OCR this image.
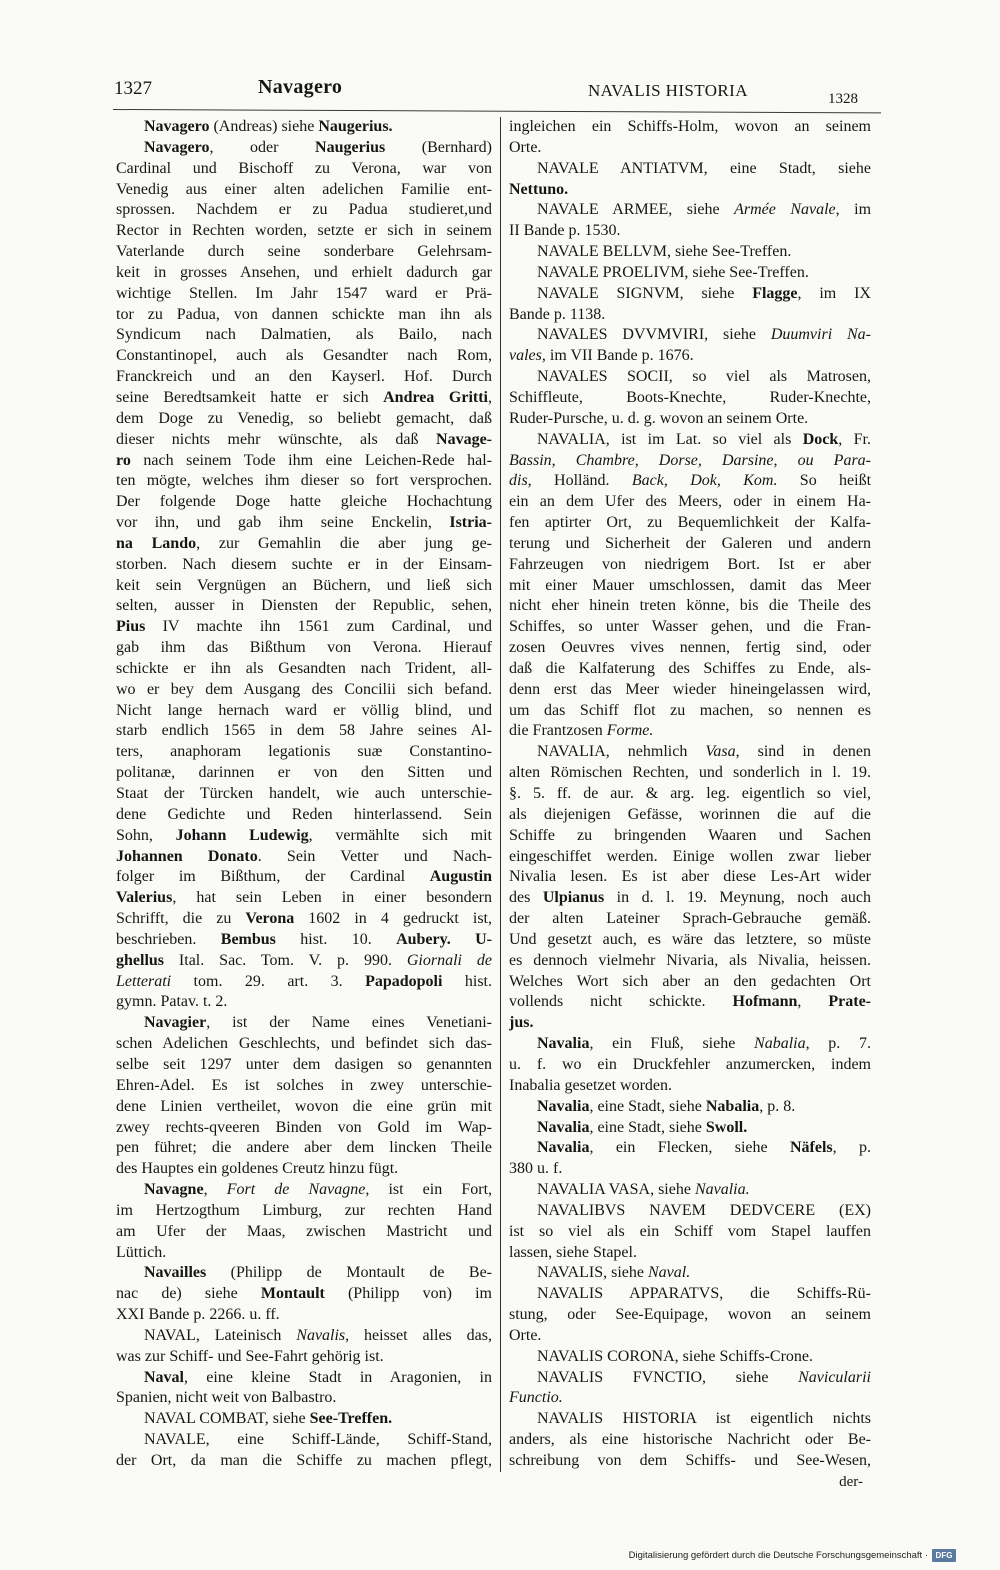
1327	Navagero	NAVALIS HISTORIA	1328
Navagero (Andreas) siehe Naugerius.
Navagero, oder Naugerius (Bernhard)
Cardinal und Bischoff zu Verona, war von
Venedig aus einer alten adelichen Familie ent-
sprossen. Nachdem er zu Padua studieret,und
Rector in Rechten worden, setzte er sich in seinem
Vaterlande durch seine sonderbare Gelehrsam-
keit in grosses Ansehen, und erhielt dadurch gar
wichtige Stellen. Im Jahr 1547 ward er Prä-
tor zu Padua, von dannen schickte man ihn als
Syndicum nach Dalmatien, als Bailo, nach
Constantinopel, auch als Gesandter nach Rom,
Franckreich und an den Kayserl. Hof. Durch
seine Beredtsamkeit hatte er sich Andrea Gritti,
dem Doge zu Venedig, so beliebt gemacht, daß
dieser nichts mehr wünschte, als daß Navage-
ro nach seinem Tode ihm eine Leichen-Rede hal-
ten mögte, welches ihm dieser so fort versprochen.
Der folgende Doge hatte gleiche Hochachtung
vor ihn, und gab ihm seine Enckelin, Istria-
na Lando, zur Gemahlin die aber jung ge-
storben. Nach diesem suchte er in der Einsam-
keit sein Vergnügen an Büchern, und ließ sich
selten, ausser in Diensten der Republic, sehen,
Pius IV machte ihn 1561 zum Cardinal, und
gab ihm das Bißthum von Verona. Hierauf
schickte er ihn als Gesandten nach Trident, all-
wo er bey dem Ausgang des Concilii sich befand.
Nicht lange hernach ward er völlig blind, und
starb endlich 1565 in dem 58 Jahre seines Al-
ters, anaphoram legationis suæ Constantino-
politanæ, darinnen er von den Sitten und
Staat der Türcken handelt, wie auch unterschie-
dene Gedichte und Reden hinterlassend. Sein
Sohn, Johann Ludewig, vermählte sich mit
Johannen Donato. Sein Vetter und Nach-
folger im Bißthum, der Cardinal Augustin
Valerius, hat sein Leben in einer besondern
Schrifft, die zu Verona 1602 in 4 gedruckt ist,
beschrieben. Bembus hist. 10. Aubery. U-
ghellus Ital. Sac. Tom. V. p. 990. Giornali de
Letterati tom. 29. art. 3. Papadopoli hist.
gymn. Patav. t. 2.
Navagier, ist der Name eines Venetiani-
schen Adelichen Geschlechts, und befindet sich das-
selbe seit 1297 unter dem dasigen so genannten
Ehren-Adel. Es ist solches in zwey unterschie-
dene Linien vertheilet, wovon die eine grün mit
zwey rechts-qveeren Binden von Gold im Wap-
pen führet; die andere aber dem lincken Theile
des Hauptes ein goldenes Creutz hinzu fügt.
Navagne, Fort de Navagne, ist ein Fort,
im Hertzogthum Limburg, zur rechten Hand
am Ufer der Maas, zwischen Mastricht und
Lüttich.
Navailles (Philipp de Montault de Be-
nac de) siehe Montault (Philipp von) im
XXI Bande p. 2266. u. ff.
NAVAL, Lateinisch Navalis, heisset alles das,
was zur Schiff- und See-Fahrt gehörig ist.
Naval, eine kleine Stadt in Aragonien, in
Spanien, nicht weit von Balbastro.
NAVAL COMBAT, siehe See-Treffen.
NAVALE, eine Schiff-Lände, Schiff-Stand,
der Ort, da man die Schiffe zu machen pflegt,
ingleichen ein Schiffs-Holm, wovon an seinem
Orte.
NAVALE ANTIATVM, eine Stadt, siehe
Nettuno.
NAVALE ARMEE, siehe Armée Navale, im
II Bande p. 1530.
NAVALE BELLVM, siehe See-Treffen.
NAVALE PROELIVM, siehe See-Treffen.
NAVALE SIGNVM, siehe Flagge, im IX
Bande p. 1138.
NAVALES DVVMVIRI, siehe Duumviri Na-
vales, im VII Bande p. 1676.
NAVALES SOCII, so viel als Matrosen,
Schiffleute, Boots-Knechte, Ruder-Knechte,
Ruder-Pursche, u. d. g. wovon an seinem Orte.
NAVALIA, ist im Lat. so viel als Dock, Fr.
Bassin, Chambre, Dorse, Darsine, ou Para-
dis, Holländ. Back, Dok, Kom. So heißt
ein an dem Ufer des Meers, oder in einem Ha-
fen aptirter Ort, zu Bequemlichkeit der Kalfa-
terung und Sicherheit der Galeren und andern
Fahrzeugen von niedrigem Bort. Ist er aber
mit einer Mauer umschlossen, damit das Meer
nicht eher hinein treten könne, bis die Theile des
Schiffes, so unter Wasser gehen, und die Fran-
zosen Oeuvres vives nennen, fertig sind, oder
daß die Kalfaterung des Schiffes zu Ende, als-
denn erst das Meer wieder hineingelassen wird,
um das Schiff flot zu machen, so nennen es
die Frantzosen Forme.
NAVALIA, nehmlich Vasa, sind in denen
alten Römischen Rechten, und sonderlich in l. 19.
§. 5. ff. de aur. & arg. leg. eigentlich so viel,
als diejenigen Gefässe, worinnen die auf die
Schiffe zu bringenden Waaren und Sachen
eingeschiffet werden. Einige wollen zwar lieber
Nivalia lesen. Es ist aber diese Les-Art wider
des Ulpianus in d. l. 19. Meynung, noch auch
der alten Lateiner Sprach-Gebrauche gemäß.
Und gesetzt auch, es wäre das letztere, so müste
es dennoch vielmehr Nivaria, als Nivalia, heissen.
Welches Wort sich aber an den gedachten Ort
vollends nicht schickte. Hofmann, Prate-
jus.
Navalia, ein Fluß, siehe Nabalia, p. 7.
u. f. wo ein Druckfehler anzumercken, indem
Inabalia gesetzet worden.
Navalia, eine Stadt, siehe Nabalia, p. 8.
Navalia, eine Stadt, siehe Swoll.
Navalia, ein Flecken, siehe Näfels, p.
380 u. f.
NAVALIA VASA, siehe Navalia.
NAVALIBVS NAVEM DEDVCERE (EX)
ist so viel als ein Schiff vom Stapel lauffen
lassen, siehe Stapel.
NAVALIS, siehe Naval.
NAVALIS APPARATVS, die Schiffs-Rü-
stung, oder See-Equipage, wovon an seinem
Orte.
NAVALIS CORONA, siehe Schiffs-Crone.
NAVALIS FVNCTIO, siehe Navicularii
Functio.
NAVALIS HISTORIA ist eigentlich nichts
anders, als eine historische Nachricht oder Be-
schreibung von dem Schiffs- und See-Wesen,
der-
Digitalisierung gefördert durch die Deutsche Forschungsgemeinschaft · DFG
